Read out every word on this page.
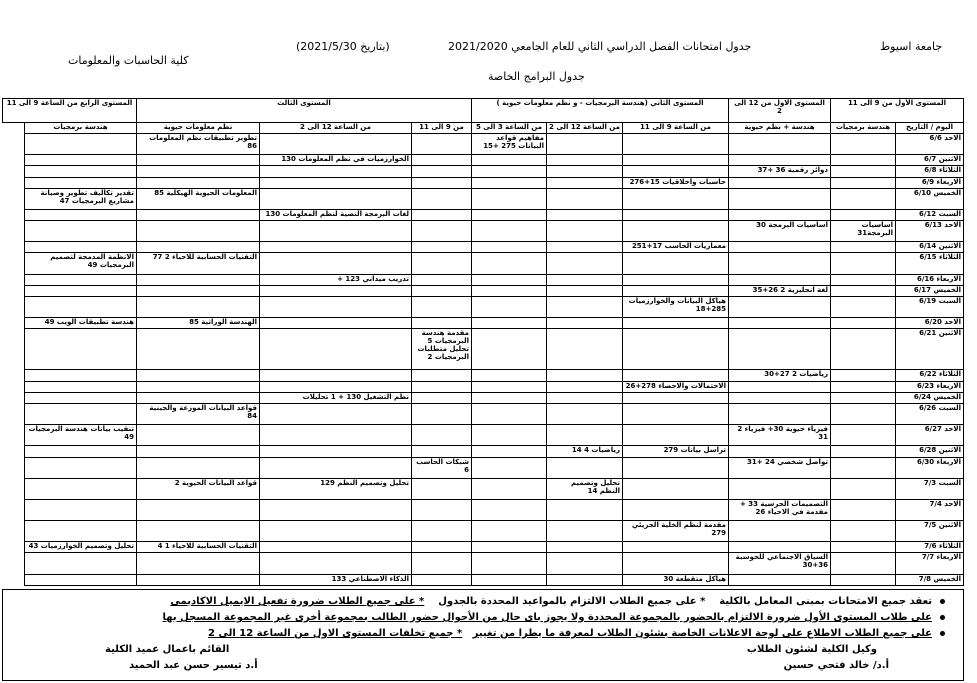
جامعة اسيوط
جدول امتحانات الفصل الدراسي الثاني للعام الجامعي 2021/2020
(بتاريخ 2021/5/30)
كلية الحاسبات والمعلومات
جدول البرامج الخاصة
المستوى الأول من 9 الى 11		المستوى الاول من 12 الى 2	المستوى الثاني (هندسة البرمجيات - و نظم معلومات حيوية )			المستوى الثالث			المستوى الرابع من الساعة 9 الى 11
اليوم / التاريخ	هندسة برمجيات	هندسة + نظم حيوية	من الساعة 9 الى 11	من الساعة 12 الى 2	من الساعة 3 الى 5	من 9 الى 11	من الساعة 12 الى 2	نظم معلومات حيوية	هندسة برمجيات
الاحد 6/6					مفاهيم قواعد البيانات 275 +15			تطوير تطبيقات نظم المعلومات 86	
الاثنين 6/7							الخوارزميات في نظم المعلومات 130		
الثلاثاء 6/8		دوائر رقمية 36 +37							
الاربعاء 6/9			حاسبات واخلاقيات 15+276						
الخميس 6/10								المعلومات الحيوية الهيكلية 85	تقدير تكاليف تطوير وصيانة مشاريع البرمجيات 47
السبت 6/12							لغات البرمجة النصية لنظم المعلومات 130		
الاحد 6/13	اساسيات البرمجة31	اساسيات البرمجة 30							
الاثنين 6/14			معماريات الحاسب 17+251						
الثلاثاء 6/15								التقنيات الحسابية للاحياء 2 77	الانظمة المدمجة لتصميم البرمجيات 49
الاربعاء 6/16							تدريب ميداني 123 +		
الخميس 6/17		لغة انجليزية 2 26+35							
السبت 6/19			هياكل البيانات والخوارزميات 285+18						
الاحد 6/20								الهندسة الوراثية 85	هندسة تطبيقات الويب 49
الاثنين 6/21						مقدمة هندسة البرمجيات 5 تحليل متطلبات البرمجيات 2			
الثلاثاء 6/22		رياضيات 2 27+30							
الاربعاء 6/23			الاحتمالات والاحصاء 278+26						
الخميس 6/24							نظم التشغيل 130 + 1 تحليلات		
السبت 6/26								قواعد البيانات الموزعة والجينية 84	
الاحد 6/27		فيزياء حيوية 30+ فيزياء 2 31							تنقيب بيانات هندسة البرمجيات 49
الاثنين 6/28			تراسل بيانات 279	رياضيات 4 14					
الاربعاء 6/30		تواصل شخصي 24 +31				شبكات الحاسب 6			
السبت 7/3				تحليل وتصميم النظم 14			تحليل وتصميم النظم 129	قواعد البيانات الحيوية 2	
الاحد 7/4		التصميمات الجرسية 33 + مقدمة في الاحياء 26							
الاثنين 7/5			مقدمة لنظم الخلية الجزيئي 279						
الثلاثاء 7/6								التقنيات الحسابية للاحياء 1 4	تحليل وتصميم الخوارزميات 43
الاربعاء 7/7		السياق الاجتماعي للحوسبة 36+30							
الخميس 7/8			هياكل متقطعة 30				الذكاء الاصطناعي 133		
تعقد جميع الامتحانات بمبنى المعامل بالكلية    * على جميع الطلاب الالتزام بالمواعيد المحددة بالجدول    * على جميع الطلاب ضرورة تفعيل الايميل الاكاديمى
على طلاب المستوى الأول ضرورة الالتزام بالحضور بالمجموعة المحددة ولا يجوز باى حال من الأحوال حضور الطالب بمجموعة أخرى غير المجموعة المسجل بها
على جميع الطلاب الاطلاع على لوحة الاعلانات الخاصة بشئون الطلاب لمعرفة ما يطرا من تغيير   * جميع تخلفات المستوى الاول من الساعة 12 الى 2
وكيل الكلية لشئون الطلاب
أ.د/ خالد فتحي حسين
القائم باعمال عميد الكلية
أ.د تيسير حسن عبد الحميد
